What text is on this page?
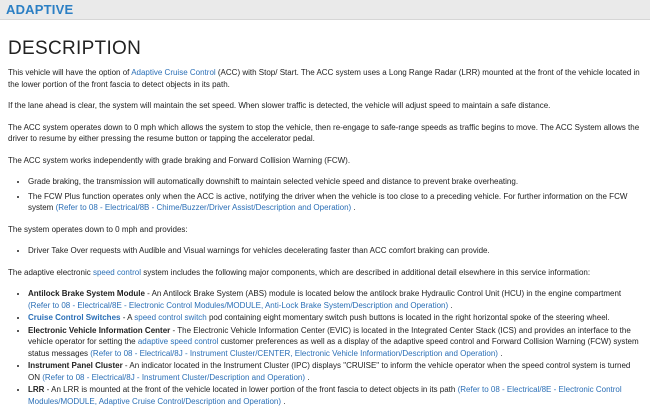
ADAPTIVE
DESCRIPTION

This vehicle will have the option of Adaptive Cruise Control (ACC) with Stop/ Start. The ACC system uses a Long Range Radar (LRR) mounted at the front of the vehicle located in the lower portion of the front fascia to detect objects in its path.

If the lane ahead is clear, the system will maintain the set speed. When slower traffic is detected, the vehicle will adjust speed to maintain a safe distance.

The ACC system operates down to 0 mph which allows the system to stop the vehicle, then re-engage to safe-range speeds as traffic begins to move. The ACC System allows the driver to resume by either pressing the resume button or tapping the accelerator pedal.

The ACC system works independently with grade braking and Forward Collision Warning (FCW).

• Grade braking, the transmission will automatically downshift to maintain selected vehicle speed and distance to prevent brake overheating.
• The FCW Plus function operates only when the ACC is active, notifying the driver when the vehicle is too close to a preceding vehicle. For further information on the FCW system (Refer to 08 - Electrical/8B - Chime/Buzzer/Driver Assist/Description and Operation) .

The system operates down to 0 mph and provides:

• Driver Take Over requests with Audible and Visual warnings for vehicles decelerating faster than ACC comfort braking can provide.

The adaptive electronic speed control system includes the following major components, which are described in additional detail elsewhere in this service information:

• Antilock Brake System Module - An Antilock Brake System (ABS) module is located below the antilock brake Hydraulic Control Unit (HCU) in the engine compartment (Refer to 08 - Electrical/8E - Electronic Control Modules/MODULE, Anti-Lock Brake System/Description and Operation) .
• Cruise Control Switches - A speed control switch pod containing eight momentary switch push buttons is located in the right horizontal spoke of the steering wheel.
• Electronic Vehicle Information Center - The Electronic Vehicle Information Center (EVIC) is located in the Integrated Center Stack (ICS) and provides an interface to the vehicle operator for setting the adaptive speed control customer preferences as well as a display of the adaptive speed control and Forward Collision Warning (FCW) system status messages (Refer to 08 - Electrical/8J - Instrument Cluster/CENTER, Electronic Vehicle Information/Description and Operation) .
• Instrument Panel Cluster - An indicator located in the Instrument Cluster (IPC) displays "CRUISE" to inform the vehicle operator when the speed control system is turned ON (Refer to 08 - Electrical/8J - Instrument Cluster/Description and Operation) .
• LRR - An LRR is mounted at the front of the vehicle located in lower portion of the front fascia to detect objects in its path (Refer to 08 - Electrical/8E - Electronic Control Modules/MODULE, Adaptive Cruise Control/Description and Operation) .
